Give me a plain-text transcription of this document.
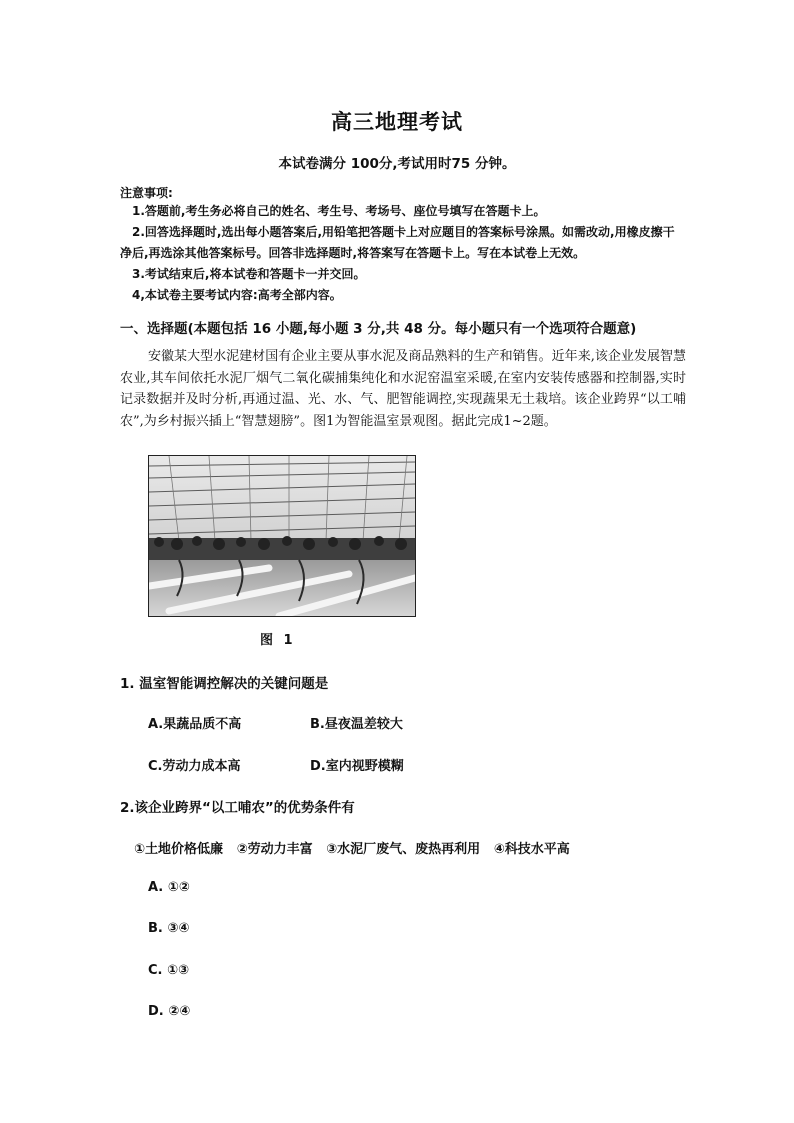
高三地理考试
本试卷满分 100分,考试用时75 分钟。
注意事项:
1.答题前,考生务必将自己的姓名、考生号、考场号、座位号填写在答题卡上。
2.回答选择题时,选出每小题答案后,用铅笔把答题卡上对应题目的答案标号涂黑。如需改动,用橡皮擦干净后,再选涂其他答案标号。回答非选择题时,将答案写在答题卡上。写在本试卷上无效。
3.考试结束后,将本试卷和答题卡一并交回。
4,本试卷主要考试内容:高考全部内容。
一、选择题(本题包括 16 小题,每小题 3 分,共 48 分。每小题只有一个选项符合题意)
安徽某大型水泥建材国有企业主要从事水泥及商品熟料的生产和销售。近年来,该企业发展智慧农业,其车间依托水泥厂烟气二氧化碳捕集纯化和水泥窑温室采暖,在室内安装传感器和控制器,实时记录数据并及时分析,再通过温、光、水、气、肥智能调控,实现蔬果无土栽培。该企业跨界“以工哺农”,为乡村振兴插上“智慧翅膀”。图1为智能温室景观图。据此完成1~2题。
图 1
1. 温室智能调控解决的关键问题是
A.果蔬品质不高	B.昼夜温差较大
C.劳动力成本高	D.室内视野模糊
2.该企业跨界“以工哺农”的优势条件有
①土地价格低廉   ②劳动力丰富   ③水泥厂废气、废热再利用   ④科技水平高
A. ①②
B. ③④
C. ①③
D. ②④
